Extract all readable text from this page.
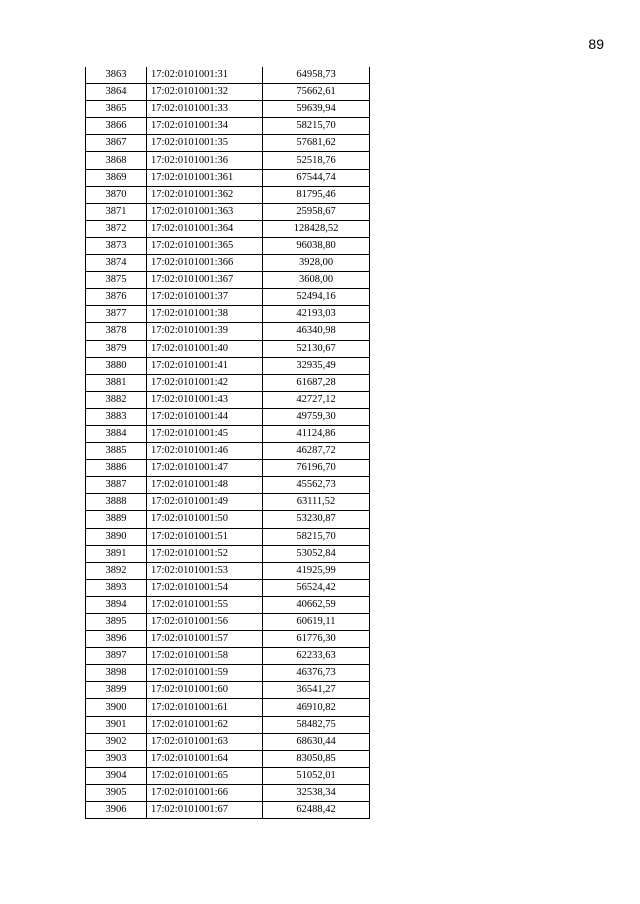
89
3863	17:02:0101001:31	64958,73
3864	17:02:0101001:32	75662,61
3865	17:02:0101001:33	59639,94
3866	17:02:0101001:34	58215,70
3867	17:02:0101001:35	57681,62
3868	17:02:0101001:36	52518,76
3869	17:02:0101001:361	67544,74
3870	17:02:0101001:362	81795,46
3871	17:02:0101001:363	25958,67
3872	17:02:0101001:364	128428,52
3873	17:02:0101001:365	96038,80
3874	17:02:0101001:366	3928,00
3875	17:02:0101001:367	3608,00
3876	17:02:0101001:37	52494,16
3877	17:02:0101001:38	42193,03
3878	17:02:0101001:39	46340,98
3879	17:02:0101001:40	52130,67
3880	17:02:0101001:41	32935,49
3881	17:02:0101001:42	61687,28
3882	17:02:0101001:43	42727,12
3883	17:02:0101001:44	49759,30
3884	17:02:0101001:45	41124,86
3885	17:02:0101001:46	46287,72
3886	17:02:0101001:47	76196,70
3887	17:02:0101001:48	45562,73
3888	17:02:0101001:49	63111,52
3889	17:02:0101001:50	53230,87
3890	17:02:0101001:51	58215,70
3891	17:02:0101001:52	53052,84
3892	17:02:0101001:53	41925,99
3893	17:02:0101001:54	56524,42
3894	17:02:0101001:55	40662,59
3895	17:02:0101001:56	60619,11
3896	17:02:0101001:57	61776,30
3897	17:02:0101001:58	62233,63
3898	17:02:0101001:59	46376,73
3899	17:02:0101001:60	36541,27
3900	17:02:0101001:61	46910,82
3901	17:02:0101001:62	58482,75
3902	17:02:0101001:63	68630,44
3903	17:02:0101001:64	83050,85
3904	17:02:0101001:65	51052,01
3905	17:02:0101001:66	32538,34
3906	17:02:0101001:67	62488,42
